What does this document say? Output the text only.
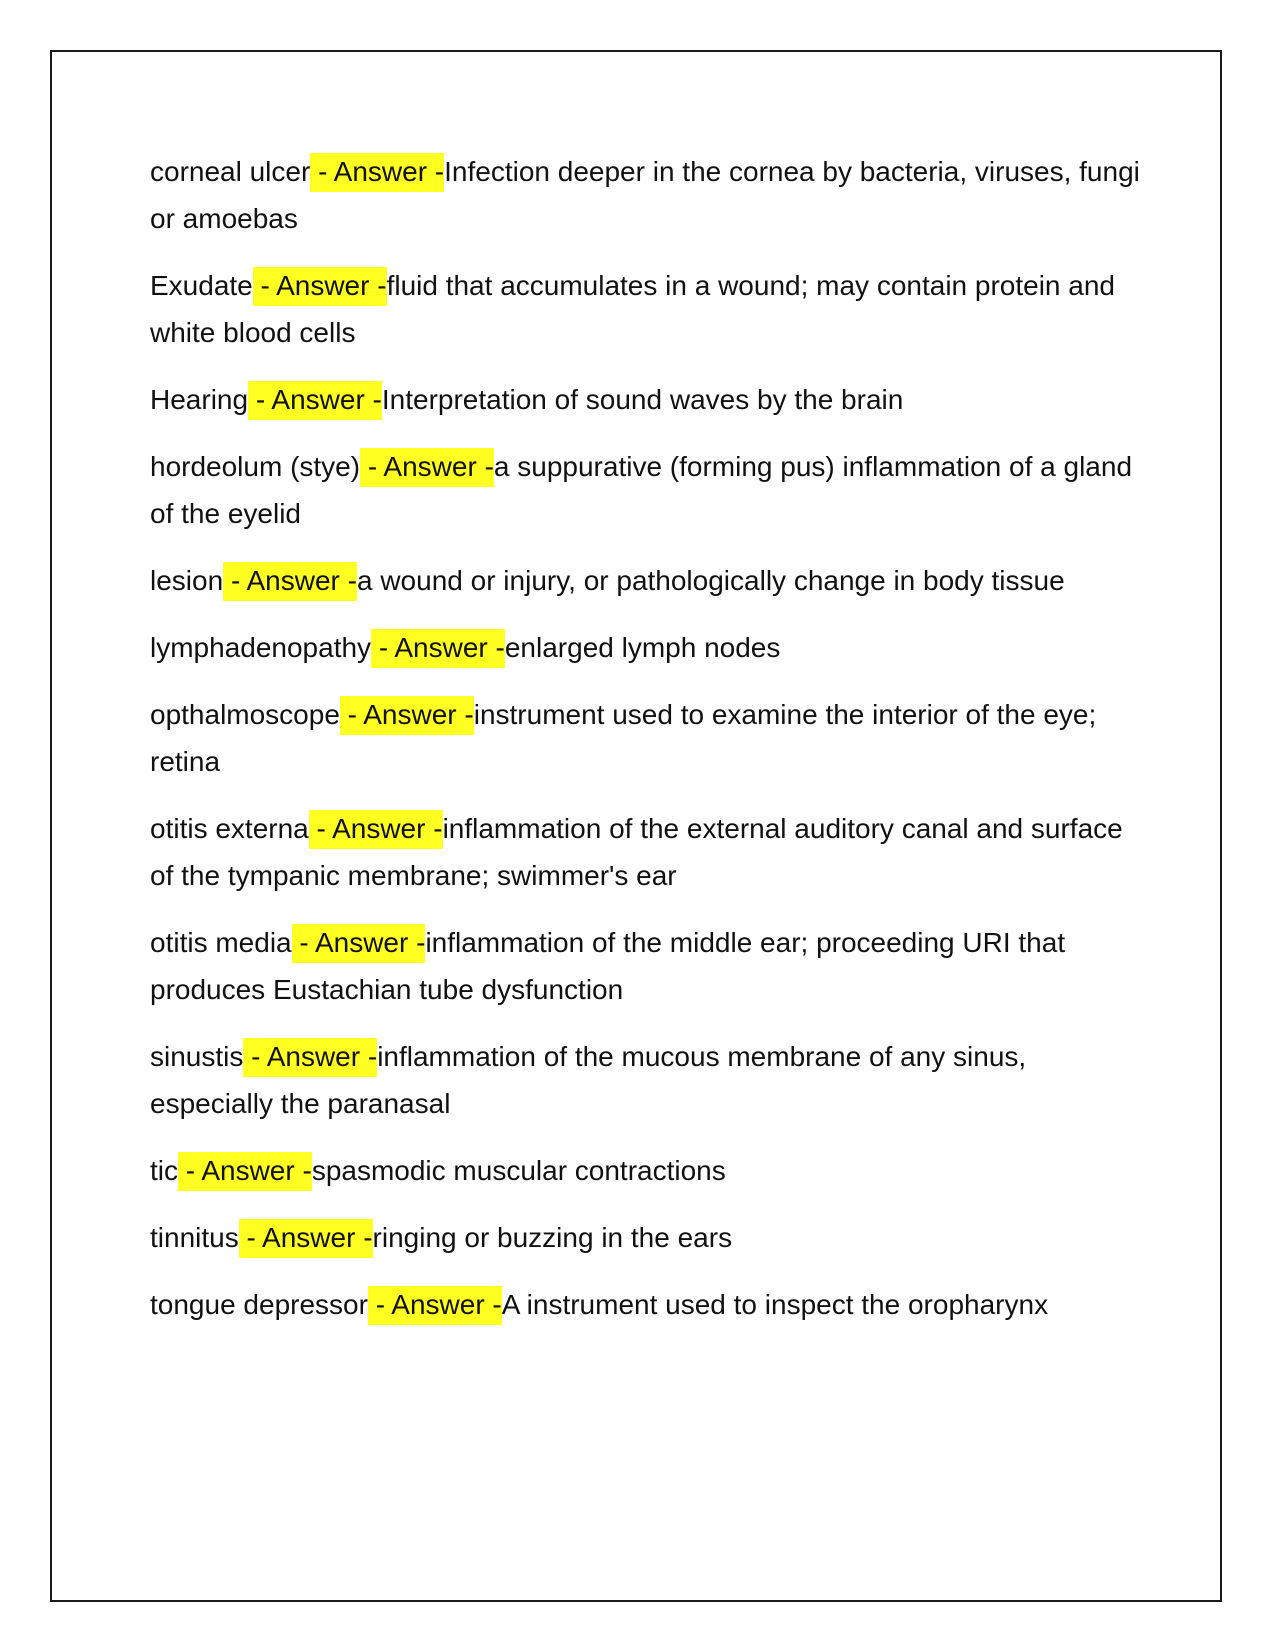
corneal ulcer - Answer -Infection deeper in the cornea by bacteria, viruses, fungi or amoebas

Exudate - Answer -fluid that accumulates in a wound; may contain protein and white blood cells

Hearing - Answer -Interpretation of sound waves by the brain

hordeolum (stye) - Answer -a suppurative (forming pus) inflammation of a gland of the eyelid

lesion - Answer -a wound or injury, or pathologically change in body tissue

lymphadenopathy - Answer -enlarged lymph nodes

opthalmoscope - Answer -instrument used to examine the interior of the eye; retina

otitis externa - Answer -inflammation of the external auditory canal and surface of the tympanic membrane; swimmer's ear

otitis media - Answer -inflammation of the middle ear; proceeding URI that produces Eustachian tube dysfunction

sinustis - Answer -inflammation of the mucous membrane of any sinus, especially the paranasal

tic - Answer -spasmodic muscular contractions

tinnitus - Answer -ringing or buzzing in the ears

tongue depressor - Answer -A instrument used to inspect the oropharynx
